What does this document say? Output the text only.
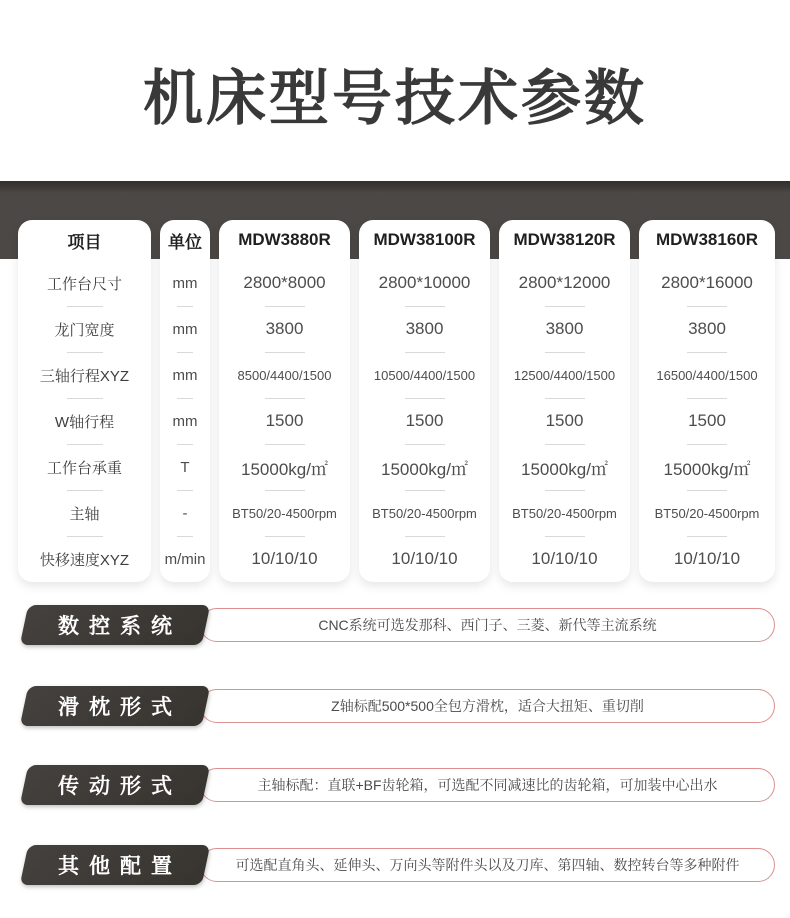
机床型号技术参数
项目
工作台尺寸
龙门宽度
三轴行程XYZ
W轴行程
工作台承重
主轴
快移速度XYZ
单位
mm
mm
mm
mm
T
-
m/min
MDW3880R
2800*8000
3800
8500/4400/1500
1500
15000kg/㎡
BT50/20-4500rpm
10/10/10
MDW38100R
2800*10000
3800
10500/4400/1500
1500
15000kg/㎡
BT50/20-4500rpm
10/10/10
MDW38120R
2800*12000
3800
12500/4400/1500
1500
15000kg/㎡
BT50/20-4500rpm
10/10/10
MDW38160R
2800*16000
3800
16500/4400/1500
1500
15000kg/㎡
BT50/20-4500rpm
10/10/10
CNC系统可选发那科、西门子、三菱、新代等主流系统
数控系统
Z轴标配500*500全包方滑枕，适合大扭矩、重切削
滑枕形式
主轴标配：直联+BF齿轮箱，可选配不同减速比的齿轮箱，可加装中心出水
传动形式
可选配直角头、延伸头、万向头等附件头以及刀库、第四轴、数控转台等多种附件
其他配置
